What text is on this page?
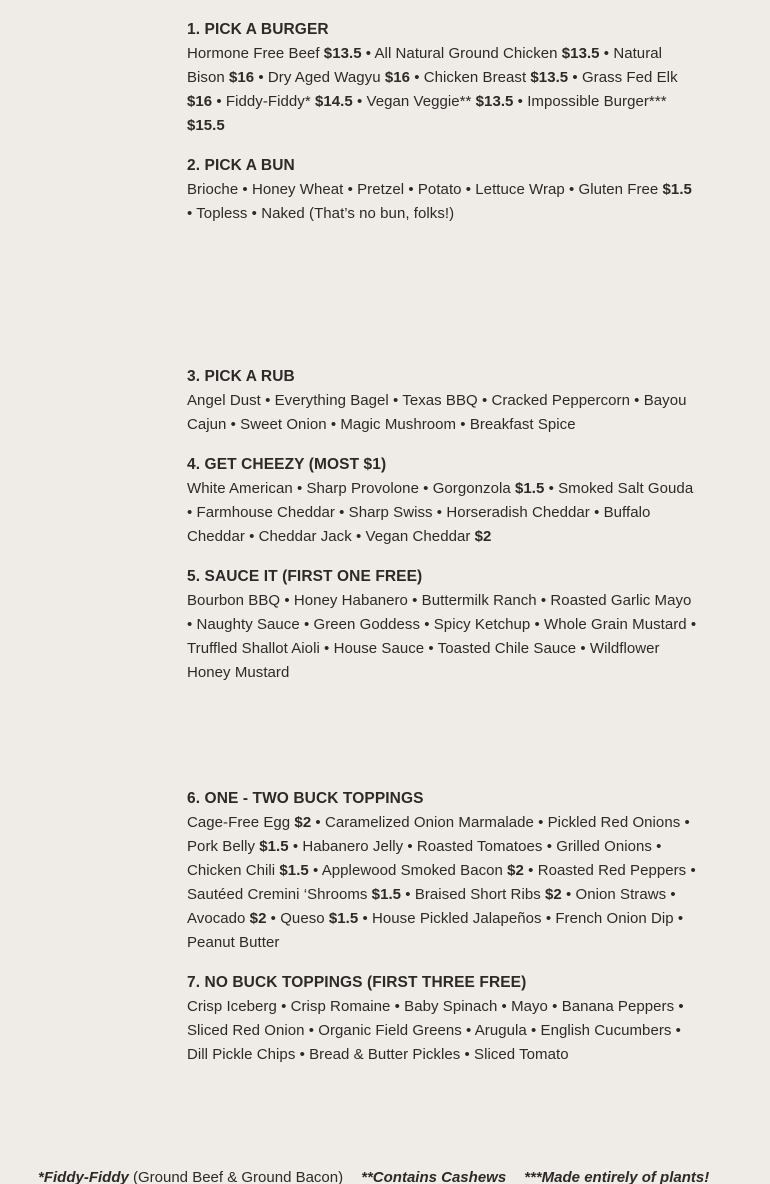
1. PICK A BURGER
Hormone Free Beef $13.5 • All Natural Ground Chicken $13.5 • Natural Bison $16 • Dry Aged Wagyu $16 • Chicken Breast $13.5 • Grass Fed Elk $16 • Fiddy-Fiddy* $14.5 • Vegan Veggie** $13.5 • Impossible Burger*** $15.5
2. PICK A BUN
Brioche • Honey Wheat • Pretzel • Potato • Lettuce Wrap • Gluten Free $1.5 • Topless • Naked (That’s no bun, folks!)
3. PICK A RUB
Angel Dust • Everything Bagel • Texas BBQ • Cracked Peppercorn • Bayou Cajun • Sweet Onion • Magic Mushroom • Breakfast Spice
4. GET CHEEZY (MOST $1)
White American • Sharp Provolone • Gorgonzola $1.5 • Smoked Salt Gouda • Farmhouse Cheddar • Sharp Swiss • Horseradish Cheddar • Buffalo Cheddar • Cheddar Jack • Vegan Cheddar $2
5. SAUCE IT (FIRST ONE FREE)
Bourbon BBQ • Honey Habanero • Buttermilk Ranch • Roasted Garlic Mayo • Naughty Sauce • Green Goddess • Spicy Ketchup • Whole Grain Mustard • Truffled Shallot Aioli • House Sauce • Toasted Chile Sauce • Wildflower Honey Mustard
6. ONE - TWO BUCK TOPPINGS
Cage-Free Egg $2 • Caramelized Onion Marmalade • Pickled Red Onions • Pork Belly $1.5 • Habanero Jelly • Roasted Tomatoes • Grilled Onions • Chicken Chili $1.5 • Applewood Smoked Bacon $2 • Roasted Red Peppers • Sautéed Cremini ‘Shrooms $1.5 • Braised Short Ribs $2 • Onion Straws • Avocado $2 • Queso $1.5 • House Pickled Jalapeños • French Onion Dip • Peanut Butter
7. NO BUCK TOPPINGS (FIRST THREE FREE)
Crisp Iceberg • Crisp Romaine • Baby Spinach • Mayo • Banana Peppers • Sliced Red Onion • Organic Field Greens • Arugula • English Cucumbers • Dill Pickle Chips • Bread & Butter Pickles • Sliced Tomato
*Fiddy-Fiddy (Ground Beef & Ground Bacon) **Contains Cashews ***Made entirely of plants!
